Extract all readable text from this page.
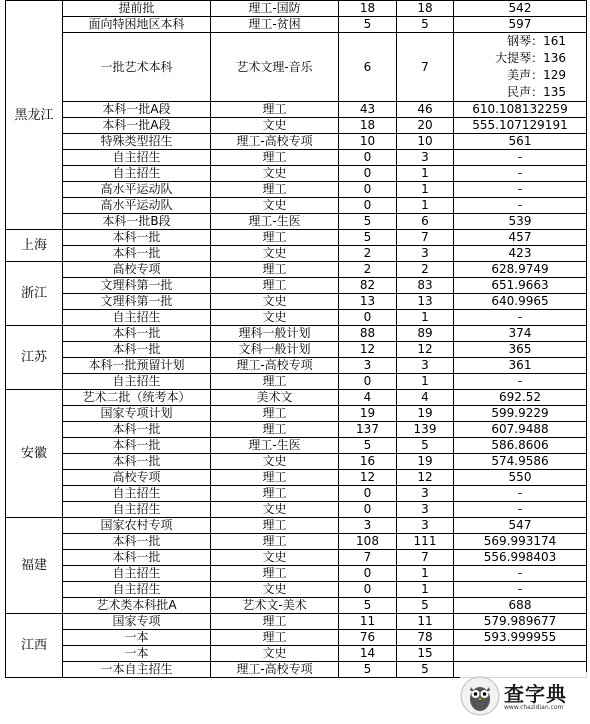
黑龙江	提前批	理工-国防	18	18	542
	面向特困地区本科	理工-贫困	5	5	597
	一批艺术本科	艺术文理-音乐	6	7	钢琴：161
大提琴：136
美声：129
民声：135

	本科一批A段	理工	43	46	610.108132259
	本科一批A段	文史	18	20	555.107129191
	特殊类型招生	理工-高校专项	10	10	561
	自主招生	理工	0	3	-
	自主招生	文史	0	1	-
	高水平运动队	理工	0	1	-
	高水平运动队	文史	0	1	-
	本科一批B段	理工-生医	5	6	539
上海	本科一批	理工	5	7	457
	本科一批	文史	2	3	423
浙江	高校专项	理工	2	2	628.9749
	文理科第一批	理工	82	83	651.9663
	文理科第一批	文史	13	13	640.9965
	自主招生	文史	0	1	-
江苏	本科一批	理科一般计划	88	89	374
	本科一批	文科一般计划	12	12	365
	本科一批预留计划	理工-高校专项	3	3	361
	自主招生	理工	0	1	-
安徽	艺术二批（统考本）	美术文	4	4	692.52
	国家专项计划	理工	19	19	599.9229
	本科一批	理工	137	139	607.9488
	本科一批	理工-生医	5	5	586.8606
	本科一批	文史	16	19	574.9586
	高校专项	理工	12	12	550
	自主招生	理工	0	3	-
	自主招生	文史	0	3	-
福建	国家农村专项	理工	3	3	547
	本科一批	理工	108	111	569.993174
	本科一批	文史	7	7	556.998403
	自主招生	理工	0	1	-
	自主招生	文史	0	1	-
	艺术类本科批A	艺术文-美术	5	5	688
江西	国家专项	理工	11	11	579.989677
	一本	理工	76	78	593.999955
	一本	文史	14	15	
	一本自主招生	理工-高校专项	5	5	
查字典
www.chazidian.com
